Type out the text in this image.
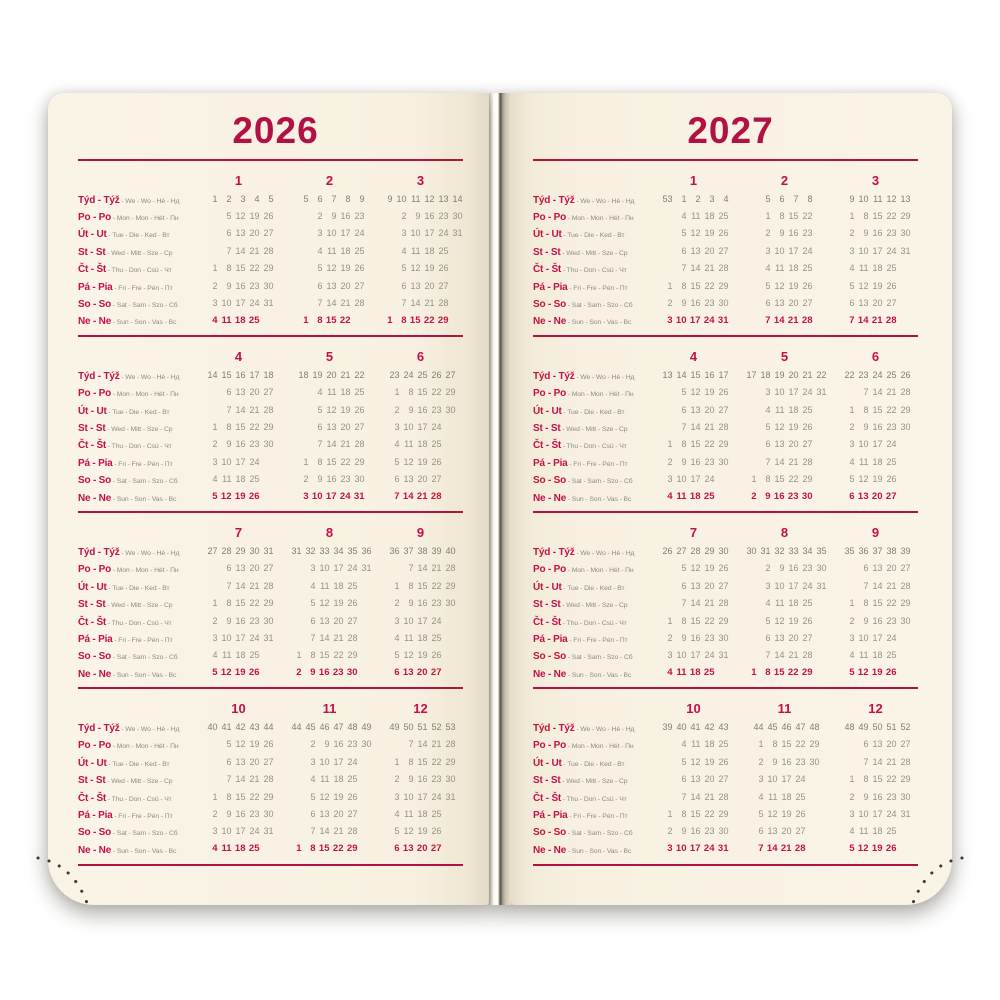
2026
1	2	3
Týd - Týž - We - Wo - Hé - Нд	1 2 3 4 5	5 6 7 8 9	9 10 11 12 13 14
Po - Po - Mon - Mon - Hét - Пн	5 12 19 26	2 9 16 23	2 9 16 23 30
Út - Ut - Tue - Die - Ked - Вт	6 13 20 27	3 10 17 24	3 10 17 24 31
St - St - Wed - Mitt - Sze - Ср	7 14 21 28	4 11 18 25	4 11 18 25
Čt - Št - Thu - Don - Csü - Чт	1 8 15 22 29	5 12 19 26	5 12 19 26
Pá - Pia - Fri - Fre - Pén - Пт	2 9 16 23 30	6 13 20 27	6 13 20 27
So - So - Sat - Sam - Szo - Сб	3 10 17 24 31	7 14 21 28	7 14 21 28
Ne - Ne - Sun - Son - Vas - Вс	4 11 18 25	1 8 15 22	1 8 15 22 29
4	5	6
Týd - Týž - We - Wo - Hé - Нд	14 15 16 17 18	18 19 20 21 22	23 24 25 26 27
Po - Po - Mon - Mon - Hét - Пн	6 13 20 27	4 11 18 25	1 8 15 22 29
Út - Ut - Tue - Die - Ked - Вт	7 14 21 28	5 12 19 26	2 9 16 23 30
St - St - Wed - Mitt - Sze - Ср	1 8 15 22 29	6 13 20 27	3 10 17 24
Čt - Št - Thu - Don - Csü - Чт	2 9 16 23 30	7 14 21 28	4 11 18 25
Pá - Pia - Fri - Fre - Pén - Пт	3 10 17 24	1 8 15 22 29	5 12 19 26
So - So - Sat - Sam - Szo - Сб	4 11 18 25	2 9 16 23 30	6 13 20 27
Ne - Ne - Sun - Son - Vas - Вс	5 12 19 26	3 10 17 24 31	7 14 21 28
7	8	9
Týd - Týž - We - Wo - Hé - Нд	27 28 29 30 31	31 32 33 34 35 36	36 37 38 39 40
Po - Po - Mon - Mon - Hét - Пн	6 13 20 27	3 10 17 24 31	7 14 21 28
Út - Ut - Tue - Die - Ked - Вт	7 14 21 28	4 11 18 25	1 8 15 22 29
St - St - Wed - Mitt - Sze - Ср	1 8 15 22 29	5 12 19 26	2 9 16 23 30
Čt - Št - Thu - Don - Csü - Чт	2 9 16 23 30	6 13 20 27	3 10 17 24
Pá - Pia - Fri - Fre - Pén - Пт	3 10 17 24 31	7 14 21 28	4 11 18 25
So - So - Sat - Sam - Szo - Сб	4 11 18 25	1 8 15 22 29	5 12 19 26
Ne - Ne - Sun - Son - Vas - Вс	5 12 19 26	2 9 16 23 30	6 13 20 27
10	11	12
Týd - Týž - We - Wo - Hé - Нд	40 41 42 43 44	44 45 46 47 48 49	49 50 51 52 53
Po - Po - Mon - Mon - Hét - Пн	5 12 19 26	2 9 16 23 30	7 14 21 28
Út - Ut - Tue - Die - Ked - Вт	6 13 20 27	3 10 17 24	1 8 15 22 29
St - St - Wed - Mitt - Sze - Ср	7 14 21 28	4 11 18 25	2 9 16 23 30
Čt - Št - Thu - Don - Csü - Чт	1 8 15 22 29	5 12 19 26	3 10 17 24 31
Pá - Pia - Fri - Fre - Pén - Пт	2 9 16 23 30	6 13 20 27	4 11 18 25
So - So - Sat - Sam - Szo - Сб	3 10 17 24 31	7 14 21 28	5 12 19 26
Ne - Ne - Sun - Son - Vas - Вс	4 11 18 25	1 8 15 22 29	6 13 20 27
2027
1	2	3
Týd - Týž - We - Wo - Hé - Нд	53 1 2 3 4	5 6 7 8	9 10 11 12 13
Po - Po - Mon - Mon - Hét - Пн	4 11 18 25	1 8 15 22	1 8 15 22 29
Út - Ut - Tue - Die - Ked - Вт	5 12 19 26	2 9 16 23	2 9 16 23 30
St - St - Wed - Mitt - Sze - Ср	6 13 20 27	3 10 17 24	3 10 17 24 31
Čt - Št - Thu - Don - Csü - Чт	7 14 21 28	4 11 18 25	4 11 18 25
Pá - Pia - Fri - Fre - Pén - Пт	1 8 15 22 29	5 12 19 26	5 12 19 26
So - So - Sat - Sam - Szo - Сб	2 9 16 23 30	6 13 20 27	6 13 20 27
Ne - Ne - Sun - Son - Vas - Вс	3 10 17 24 31	7 14 21 28	7 14 21 28
4	5	6
Týd - Týž - We - Wo - Hé - Нд	13 14 15 16 17	17 18 19 20 21 22	22 23 24 25 26
Po - Po - Mon - Mon - Hét - Пн	5 12 19 26	3 10 17 24 31	7 14 21 28
Út - Ut - Tue - Die - Ked - Вт	6 13 20 27	4 11 18 25	1 8 15 22 29
St - St - Wed - Mitt - Sze - Ср	7 14 21 28	5 12 19 26	2 9 16 23 30
Čt - Št - Thu - Don - Csü - Чт	1 8 15 22 29	6 13 20 27	3 10 17 24
Pá - Pia - Fri - Fre - Pén - Пт	2 9 16 23 30	7 14 21 28	4 11 18 25
So - So - Sat - Sam - Szo - Сб	3 10 17 24	1 8 15 22 29	5 12 19 26
Ne - Ne - Sun - Son - Vas - Вс	4 11 18 25	2 9 16 23 30	6 13 20 27
7	8	9
Týd - Týž - We - Wo - Hé - Нд	26 27 28 29 30	30 31 32 33 34 35	35 36 37 38 39
Po - Po - Mon - Mon - Hét - Пн	5 12 19 26	2 9 16 23 30	6 13 20 27
Út - Ut - Tue - Die - Ked - Вт	6 13 20 27	3 10 17 24 31	7 14 21 28
St - St - Wed - Mitt - Sze - Ср	7 14 21 28	4 11 18 25	1 8 15 22 29
Čt - Št - Thu - Don - Csü - Чт	1 8 15 22 29	5 12 19 26	2 9 16 23 30
Pá - Pia - Fri - Fre - Pén - Пт	2 9 16 23 30	6 13 20 27	3 10 17 24
So - So - Sat - Sam - Szo - Сб	3 10 17 24 31	7 14 21 28	4 11 18 25
Ne - Ne - Sun - Son - Vas - Вс	4 11 18 25	1 8 15 22 29	5 12 19 26
10	11	12
Týd - Týž - We - Wo - Hé - Нд	39 40 41 42 43	44 45 46 47 48	48 49 50 51 52
Po - Po - Mon - Mon - Hét - Пн	4 11 18 25	1 8 15 22 29	6 13 20 27
Út - Ut - Tue - Die - Ked - Вт	5 12 19 26	2 9 16 23 30	7 14 21 28
St - St - Wed - Mitt - Sze - Ср	6 13 20 27	3 10 17 24	1 8 15 22 29
Čt - Št - Thu - Don - Csü - Чт	7 14 21 28	4 11 18 25	2 9 16 23 30
Pá - Pia - Fri - Fre - Pén - Пт	1 8 15 22 29	5 12 19 26	3 10 17 24 31
So - So - Sat - Sam - Szo - Сб	2 9 16 23 30	6 13 20 27	4 11 18 25
Ne - Ne - Sun - Son - Vas - Вс	3 10 17 24 31	7 14 21 28	5 12 19 26
